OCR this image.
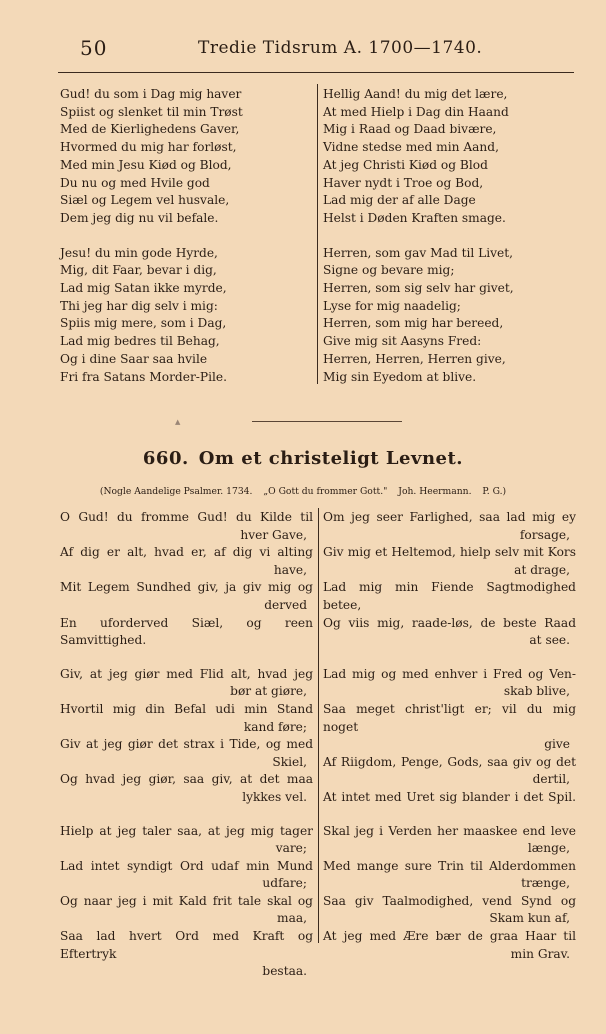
50	Tredie Tidsrum A. 1700—1740.
Gud! du som i Dag mig haver
Spiist og slenket til min Trøst
Med de Kierlighedens Gaver,
Hvormed du mig har forløst,
Med min Jesu Kiød og Blod,
Du nu og med Hvile god
Siæl og Legem vel husvale,
Dem jeg dig nu vil befale.
Jesu! du min gode Hyrde,
Mig, dit Faar, bevar i dig,
Lad mig Satan ikke myrde,
Thi jeg har dig selv i mig:
Spiis mig mere, som i Dag,
Lad mig bedres til Behag,
Og i dine Saar saa hvile
Fri fra Satans Morder-Pile.
Hellig Aand! du mig det lære,
At med Hielp i Dag din Haand
Mig i Raad og Daad bivære,
Vidne stedse med min Aand,
At jeg Christi Kiød og Blod
Haver nydt i Troe og Bod,
Lad mig der af alle Dage
Helst i Døden Kraften smage.
Herren, som gav Mad til Livet,
Signe og bevare mig;
Herren, som sig selv har givet,
Lyse for mig naadelig;
Herren, som mig har bereed,
Give mig sit Aasyns Fred:
Herren, Herren, Herren give,
Mig sin Eyedom at blive.
▲
660. Om et christeligt Levnet.
(Nogle Aandelige Psalmer. 1734. „O Gott du frommer Gott." Joh. Heermann. P. G.)
O Gud! du fromme Gud! du Kilde til
hver Gave,
Af dig er alt, hvad er, af dig vi alting
have,
Mit Legem Sundhed giv, ja giv mig og
derved
En uforderved Siæl, og reen Samvittighed.
Giv, at jeg giør med Flid alt, hvad jeg
bør at giøre,
Hvortil mig din Befal udi min Stand
kand føre;
Giv at jeg giør det strax i Tide, og med
Skiel,
Og hvad jeg giør, saa giv, at det maa
lykkes vel.
Hielp at jeg taler saa, at jeg mig tager
vare;
Lad intet syndigt Ord udaf min Mund
udfare;
Og naar jeg i mit Kald frit tale skal og
maa,
Saa lad hvert Ord med Kraft og Eftertryk
bestaa.
Om jeg seer Farlighed, saa lad mig ey
forsage,
Giv mig et Heltemod, hielp selv mit Kors
at drage,
Lad mig min Fiende Sagtmodighed betee,
Og viis mig, raade-løs, de beste Raad
at see.
Lad mig og med enhver i Fred og Ven-
skab blive,
Saa meget christ'ligt er; vil du mig noget
give
Af Riigdom, Penge, Gods, saa giv og det
dertil,
At intet med Uret sig blander i det Spil.
Skal jeg i Verden her maaskee end leve
længe,
Med mange sure Trin til Alderdommen
trænge,
Saa giv Taalmodighed, vend Synd og
Skam kun af,
At jeg med Ære bær de graa Haar til
min Grav.
